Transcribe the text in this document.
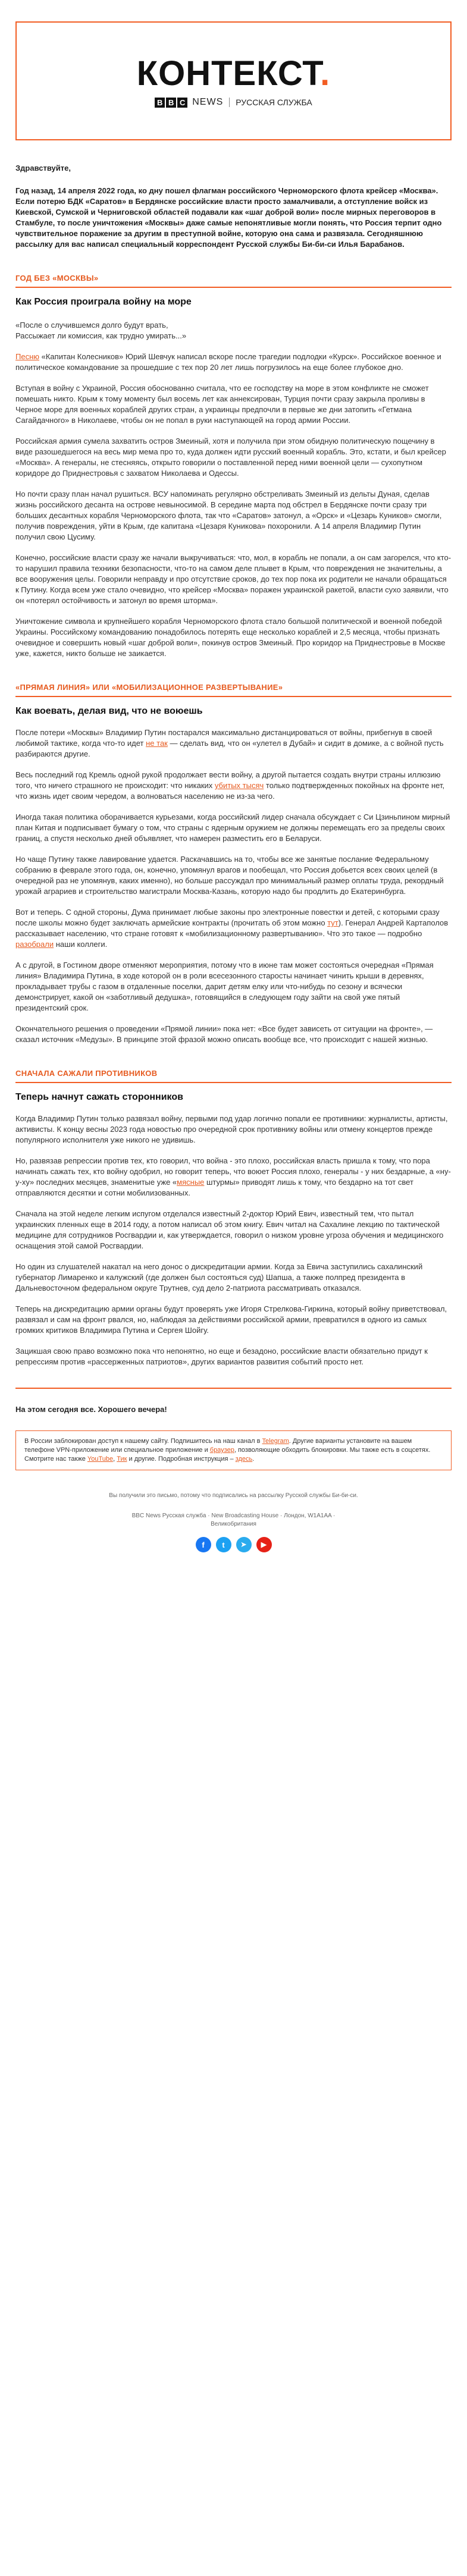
КОНТЕКСТ.
B B C NEWS РУССКАЯ СЛУЖБА

Здравствуйте,

Год назад, 14 апреля 2022 года, ко дну пошел флагман российского Черноморского флота крейсер «Москва». Если потерю БДК «Саратов» в Бердянске российские власти просто замалчивали, а отступление войск из Киевской, Сумской и Черниговской областей подавали как «шаг доброй воли» после мирных переговоров в Стамбуле, то после уничтожения «Москвы» даже самые непонятливые могли понять, что Россия терпит одно чувствительное поражение за другим в преступной войне, которую она сама и развязала. Сегодняшнюю рассылку для вас написал специальный корреспондент Русской службы Би-би-си Илья Барабанов.

ГОД БЕЗ «МОСКВЫ»
Как Россия проиграла войну на море

«После о случившемся долго будут врать,
Рассыжает ли комиссия, как трудно умирать...»

Песню «Капитан Колесников» Юрий Шевчук написал вскоре после трагедии подлодки «Курск». Российское военное и политическое командование за прошедшие с тех пор 20 лет лишь погрузилось на еще более глубокое дно.

Вступая в войну с Украиной, Россия обоснованно считала, что ее господству на море в этом конфликте не сможет помешать никто. Крым к тому моменту был восемь лет как аннексирован, Турция почти сразу закрыла проливы в Черное море для военных кораблей других стран, а украинцы предпочли в первые же дни затопить «Гетмана Сагайдачного» в Николаеве, чтобы он не попал в руки наступающей на город армии России.

Российская армия сумела захватить остров Змеиный, хотя и получила при этом обидную политическую пощечину в виде разошедшегося на весь мир мема про то, куда должен идти русский военный корабль. Это, кстати, и был крейсер «Москва». А генералы, не стесняясь, открыто говорили о поставленной перед ними военной цели — сухопутном коридоре до Приднестровья с захватом Николаева и Одессы.

Но почти сразу план начал рушиться. ВСУ напоминать регулярно обстреливать Змеиный из дельты Дуная, сделав жизнь российского десанта на острове невыносимой. В середине марта под обстрел в Бердянске почти сразу три больших десантных корабля Черноморского флота, так что «Саратов» затонул, а «Орск» и «Цезарь Куников» смогли, получив повреждения, уйти в Крым, где капитана «Цезаря Куникова» похоронили. А 14 апреля Владимир Путин получил свою Цусиму.

Конечно, российские власти сразу же начали выкручиваться: что, мол, в корабль не попали, а он сам загорелся, что кто-то нарушил правила техники безопасности, что-то на самом деле плывет в Крым, что повреждения не значительны, а все вооружения целы. Говорили неправду и про отсутствие сроков, до тех пор пока их родители не начали обращаться к Путину. Когда всем уже стало очевидно, что крейсер «Москва» поражен украинской ракетой, власти сухо заявили, что он «потерял остойчивость и затонул во время шторма».

Уничтожение символа и крупнейшего корабля Черноморского флота стало большой политической и военной победой Украины. Российскому командованию понадобилось потерять еще несколько кораблей и 2,5 месяца, чтобы признать очевидное и совершить новый «шаг доброй воли», покинув остров Змеиный. Про коридор на Приднестровье в Москве уже, кажется, никто больше не заикается.

«ПРЯМАЯ ЛИНИЯ» ИЛИ «МОБИЛИЗАЦИОННОЕ РАЗВЕРТЫВАНИЕ»
Как воевать, делая вид, что не воюешь

После потери «Москвы» Владимир Путин постарался максимально дистанцироваться от войны, прибегнув в своей любимой тактике, когда что-то идет не так — сделать вид, что он «улетел в Дубай» и сидит в домике, а с войной пусть разбираются другие.

Весь последний год Кремль одной рукой продолжает вести войну, а другой пытается создать внутри страны иллюзию того, что ничего страшного не происходит: что никаких убитых тысяч только подтвержденных покойных на фронте нет, что жизнь идет своим чередом, а волноваться населению не из-за чего.

Иногда такая политика оборачивается курьезами, когда российский лидер сначала обсуждает с Си Цзиньпином мирный план Китая и подписывает бумагу о том, что страны с ядерным оружием не должны перемещать его за пределы своих границ, а спустя несколько дней объявляет, что намерен разместить его в Беларуси.

Но чаще Путину также лавирование удается. Раскачавшись на то, чтобы все же занятые послание Федеральному собранию в феврале этого года, он, конечно, упомянул врагов и пообещал, что Россия добьется всех своих целей (в очередной раз не упомянув, каких именно), но больше рассуждал про минимальный размер оплаты труда, рекордный урожай аграриев и строительство магистрали Москва-Казань, которую надо бы продлить до Екатеринбурга.

Вот и теперь. С одной стороны, Дума принимает любые законы про электронные повестки и детей, с которыми сразу после школы можно будет заключать армейские контракты (прочитать об этом можно тут). Генерал Андрей Картаполов рассказывает населению, что стране готовят к «мобилизационному развертыванию». Что это такое — подробно разобрали наши коллеги.

А с другой, в Гостином дворе отменяют мероприятия, потому что в июне там может состояться очередная «Прямая линия» Владимира Путина, в ходе которой он в роли всесезонного старосты начинает чинить крыши в деревнях, прокладывает трубы с газом в отдаленные поселки, дарит детям елку или что-нибудь по сезону и всячески демонстрирует, какой он «заботливый дедушка», готовящийся в следующем году зайти на свой уже пятый президентский срок.

Окончательного решения о проведении «Прямой линии» пока нет: «Все будет зависеть от ситуации на фронте», — сказал источник «Медузы». В принципе этой фразой можно описать вообще все, что происходит с нашей жизнью.

СНАЧАЛА САЖАЛИ ПРОТИВНИКОВ
Теперь начнут сажать сторонников

Когда Владимир Путин только развязал войну, первыми под удар логично попали ее противники: журналисты, артисты, активисты. К концу весны 2023 года новостью про очередной срок противнику войны или отмену концертов прежде популярного исполнителя уже никого не удивишь.

Но, развязав репрессии против тех, кто говорил, что война - это плохо, российская власть пришла к тому, что пора начинать сажать тех, кто войну одобрил, но говорит теперь, что воюет Россия плохо, генералы - у них бездарные, а «ну-у-ху» последних месяцев, знаменитые уже «мясные штурмы» приводят лишь к тому, что бездарно на тот свет отправляются десятки и сотни мобилизованных.

Сначала на этой неделе легким испугом отделался известный 2-доктор Юрий Евич, известный тем, что пытал украинских пленных еще в 2014 году, а потом написал об этом книгу. Евич читал на Сахалине лекцию по тактической медицине для сотрудников Росгвардии и, как утверждается, говорил о низком уровне угроза обучения и медицинского оснащения этой самой Росгвардии.

Но один из слушателей накатал на него донос о дискредитации армии. Когда за Евича заступились сахалинский губернатор Лимаренко и калужский (где должен был состояться суд) Шапша, а также полпред президента в Дальневосточном федеральном округе Трутнев, суд дело 2-патриота рассматривать отказался.

Теперь на дискредитацию армии органы будут проверять уже Игоря Стрелкова-Гиркина, который войну приветствовал, развязал и сам на фронт рвался, но, наблюдая за действиями российской армии, превратился в одного из самых громких критиков Владимира Путина и Сергея Шойгу.

Зацикшая свою право возможно пока что непонятно, но еще и безадоно, российские власти обязательно придут к репрессиям против «рассерженных патриотов», других вариантов развития событий просто нет.

На этом сегодня все. Хорошего вечера!

В России заблокирован доступ к нашему сайту. Подпишитесь на наш канал в Telegram. Другие варианты установите на вашем телефоне VPN-приложение или специальное приложение и браузер, позволяющие обходить блокировки. Мы также есть в соцсетях. Смотрите нас также YouTube, Тик и другие. Подробная инструкция – здесь.

Вы получили это письмо, потому что подписались на рассылку Русской службы Би-би-си.

BBC News Русская служба · New Broadcasting House · Лондон, W1A1AA · Великобритания

f t ➤ ▶
